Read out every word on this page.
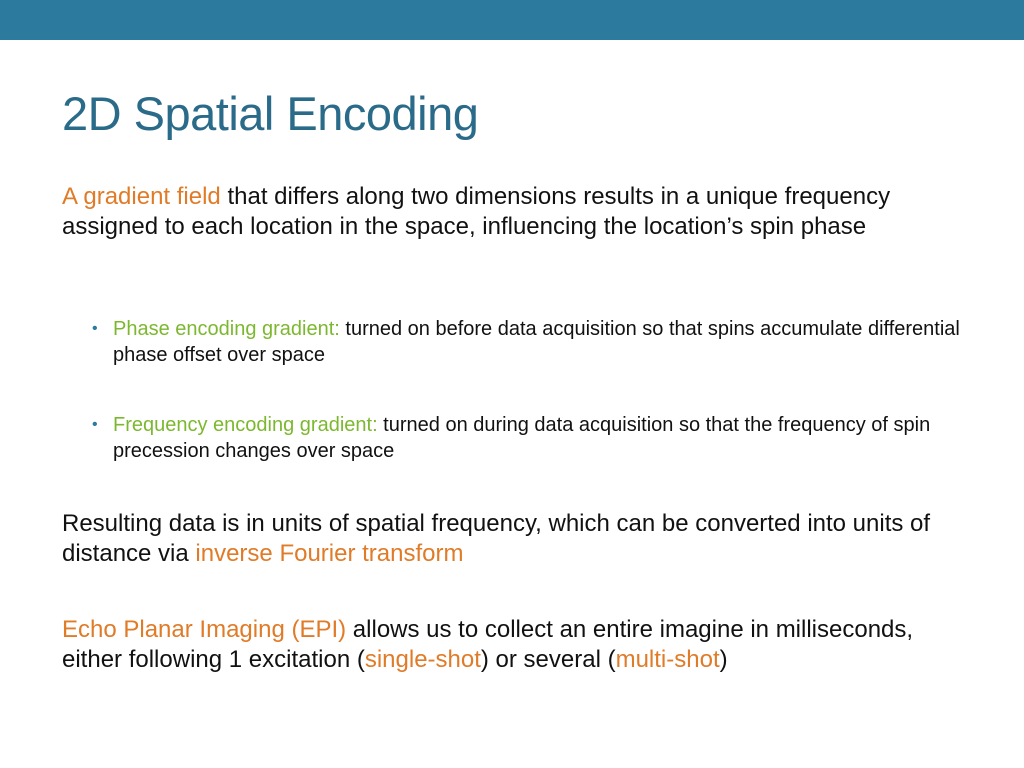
2D Spatial Encoding

A gradient field that differs along two dimensions results in a unique frequency assigned to each location in the space, influencing the location’s spin phase

• Phase encoding gradient: turned on before data acquisition so that spins accumulate differential phase offset over space
• Frequency encoding gradient: turned on during data acquisition so that the frequency of spin precession changes over space

Resulting data is in units of spatial frequency, which can be converted into units of distance via inverse Fourier transform

Echo Planar Imaging (EPI) allows us to collect an entire imagine in milliseconds, either following 1 excitation (single-shot) or several (multi-shot)
